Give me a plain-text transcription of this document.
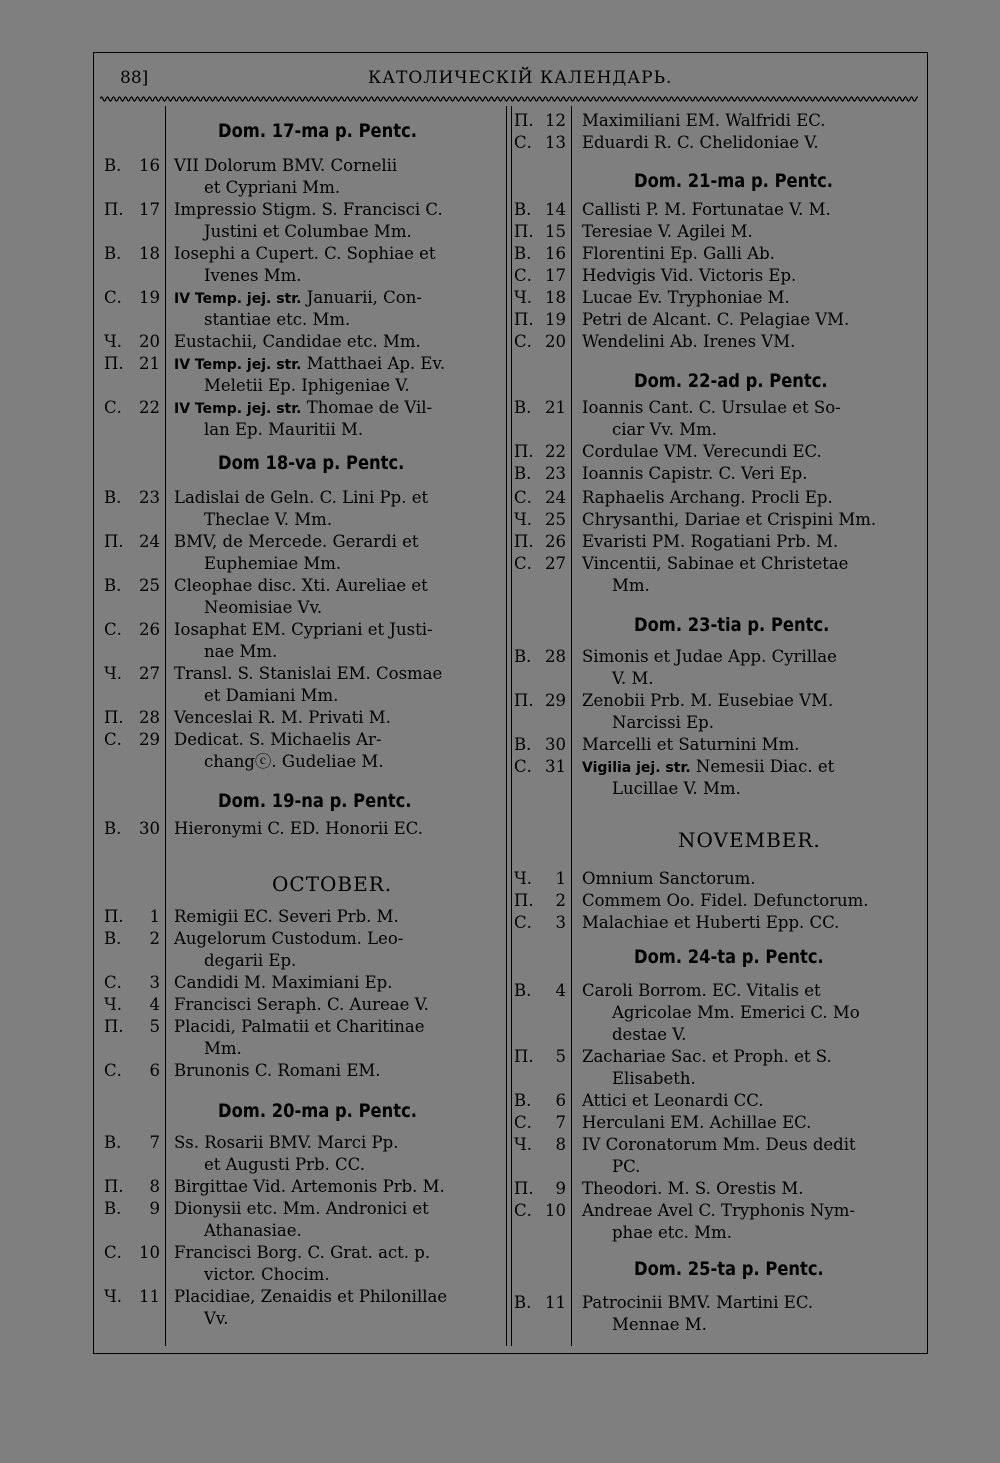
88]	КАТОЛИЧЕСКІЙ КАЛЕНДАРЬ.
Dom. 17-ma p. Pentc.
В.	16 VII Dolorum BMV. Cornelii
et Cypriani Mm.
П. 17 Impressio Stigm. S. Francisci C.
Justini et Columbae Mm.
В.	18 Iosephi a Cupert. C. Sophiae et
Ivenes Mm.
С.	19 IV Temp. jej. str. Januarii, Con-
stantiae etc. Mm.
Ч.	20 Eustachii, Candidae etc. Mm.
П. 21 IV Temp. jej. str. Matthaei Ap. Ev.
Meletii Ep. Iphigeniae V.
С.	22 IV Temp. jej. str. Thomae de Vil-
lan Ep. Mauritii M.
Dom 18-va p. Pentc.
В.	23 Ladislai de Geln. C. Lini Pp. et
Theclae V. Mm.
П. 24 BMV, de Mercede. Gerardi et
Euphemiae Mm.
В.	25 Cleophae disc. Xti. Aureliae et
Neomisiae Vv.
С.	26 Iosaphat EM. Cypriani et Justi-
nae Mm.
Ч.	27 Transl. S. Stanislai EM. Cosmae
et Damiani Mm.
П. 28 Venceslai R. M. Privati M.
С.	29 Dedicat. S. Michaelis Ar-
changⓒ. Gudeliae M.
Dom. 19-na p. Pentc.
В.	30 Hieronymi C. ED. Honorii EC.
OCTOBER.
П.	1 Remigii EC. Severi Prb. M.
В.	2 Augelorum Custodum. Leo-
degarii Ep.
С.	3 Candidi M. Maximiani Ep.
Ч.	4 Francisci Seraph. C. Aureae V.
П.	5 Placidi, Palmatii et Charitinae
Mm.
С.	6 Brunonis C. Romani EM.
Dom. 20-ma p. Pentc.
В.	7 Ss. Rosarii BMV. Marci Pp.
et Augusti Prb. CC.
П.	8 Birgittae Vid. Artemonis Prb. M.
В.	9 Dionysii etc. Mm. Andronici et
Athanasiae.
С.	10 Francisci Borg. C. Grat. act. p.
victor. Chocim.
Ч.	11 Placidiae, Zenaidis et Philonillae
Vv.
П. 12 Maximiliani EM. Walfridi EC.
С. 13 Eduardi R. C. Chelidoniae V.
Dom. 21-ma p. Pentc.
В. 14 Callisti P. M. Fortunatae V. M.
П. 15 Teresiae V. Agilei M.
В. 16 Florentini Ep. Galli Ab.
С. 17 Hedvigis Vid. Victoris Ep.
Ч. 18 Lucae Ev. Tryphoniae M.
П. 19 Petri de Alcant. C. Pelagiae VM.
С. 20 Wendelini Ab. Irenes VM.
Dom. 22-ad p. Pentc.
В. 21 Ioannis Cant. C. Ursulae et So-
ciar Vv. Mm.
П. 22 Cordulae VM. Verecundi EC.
В. 23 Ioannis Capistr. C. Veri Ep.
С. 24 Raphaelis Archang. Procli Ep.
Ч. 25 Chrysanthi, Dariae et Crispini Mm.
П. 26 Evaristi PM. Rogatiani Prb. M.
С. 27 Vincentii, Sabinae et Christetae
Mm.
Dom. 23-tia p. Pentc.
В. 28 Simonis et Judae App. Cyrillae
V. M.
П. 29 Zenobii Prb. M. Eusebiae VM.
Narcissi Ep.
В. 30 Marcelli et Saturnini Mm.
С. 31 Vigilia jej. str. Nemesii Diac. et
Lucillae V. Mm.
NOVEMBER.
Ч.	1 Omnium Sanctorum.
П.	2 Commem Oo. Fidel. Defunctorum.
С.	3 Malachiae et Huberti Epp. CC.
Dom. 24-ta p. Pentc.
В.	4 Caroli Borrom. EC. Vitalis et
Agricolae Mm. Emerici C. Mo
destae V.
П.	5 Zachariae Sac. et Proph. et S.
Elisabeth.
В.	6 Attici et Leonardi CC.
С.	7 Herculani EM. Achillae EC.
Ч.	8 IV Coronatorum Mm. Deus dedit
PC.
П.	9 Theodori. M. S. Orestis M.
С. 10 Andreae Avel C. Tryphonis Nym-
phae etc. Mm.
Dom. 25-ta p. Pentc.
В. 11 Patrocinii BMV. Martini EC.
Mennae M.
